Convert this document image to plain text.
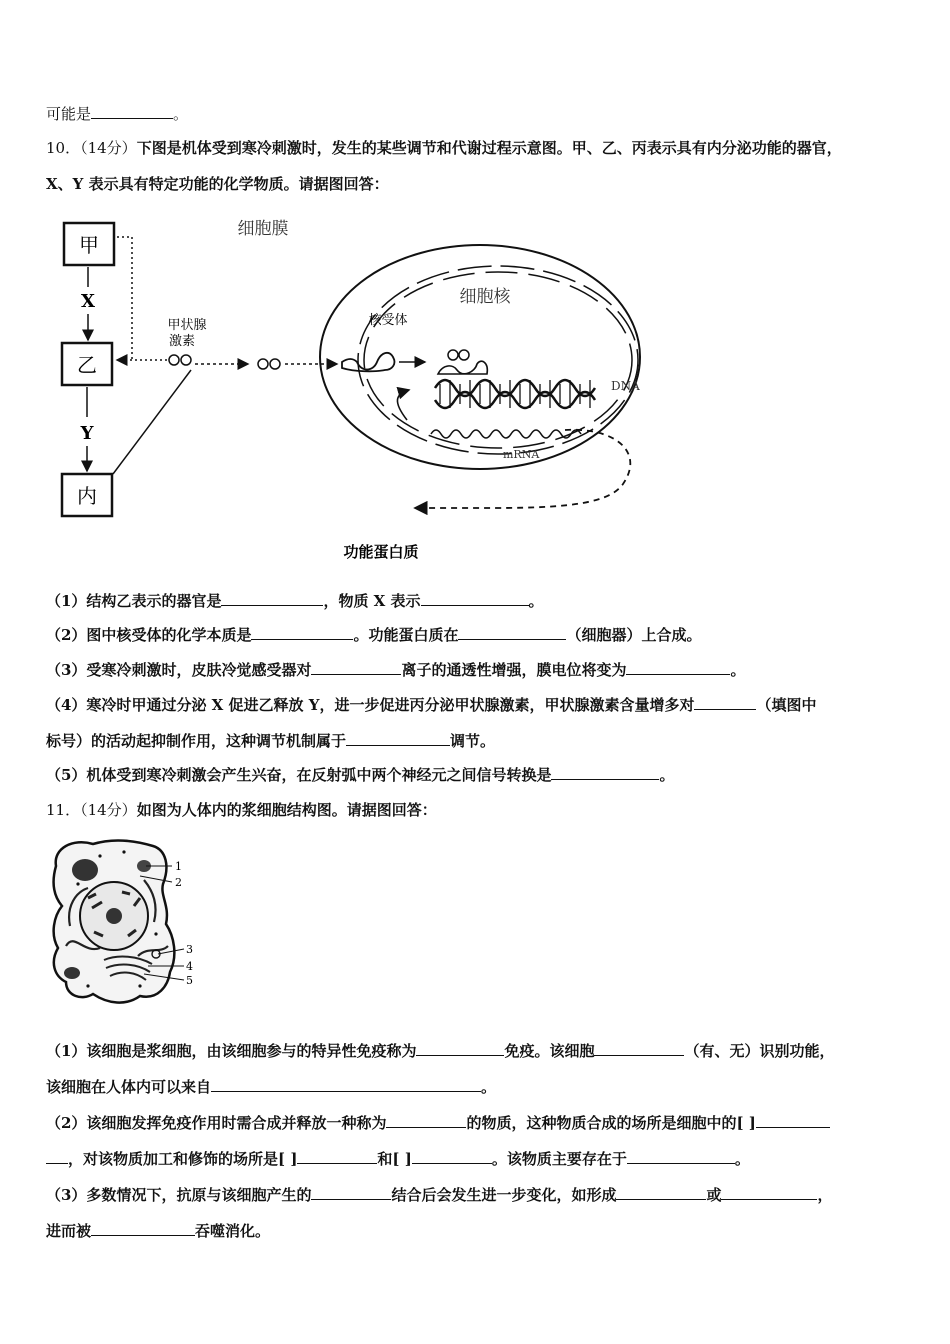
可能是	。
10．（14分）下图是机体受到寒冷刺激时，发生的某些调节和代谢过程示意图。甲、乙、丙表示具有内分泌功能的器官，
X、Y 表示具有特定功能的化学物质。请据图回答：
甲
乙
内
X
Y
甲状腺
激素
细胞膜
细胞核
核受体
DNA
mRNA
功能蛋白质
（1）结构乙表示的器官是	，物质 X 表示	。
（2）图中核受体的化学本质是	。功能蛋白质在	（细胞器）上合成。
（3）受寒冷刺激时，皮肤冷觉感受器对	离子的通透性增强，膜电位将变为	。
（4）寒冷时甲通过分泌 X 促进乙释放 Y，进一步促进丙分泌甲状腺激素，甲状腺激素含量增多对	（填图中
标号）的活动起抑制作用，这种调节机制属于	调节。
（5）机体受到寒冷刺激会产生兴奋，在反射弧中两个神经元之间信号转换是	。
11．（14分）如图为人体内的浆细胞结构图。请据图回答：
1
2
3
4
5
（1）该细胞是浆细胞，由该细胞参与的特异性免疫称为	免疫。该细胞	（有、无）识别功能，
该细胞在人体内可以来自	。
（2）该细胞发挥免疫作用时需合成并释放一种称为	的物质，这种物质合成的场所是细胞中的[ ]
，对该物质加工和修饰的场所是[ ]	和[ ]	。该物质主要存在于	。
（3）多数情况下，抗原与该细胞产生的	结合后会发生进一步变化，如形成	或	，
进而被	吞噬消化。
